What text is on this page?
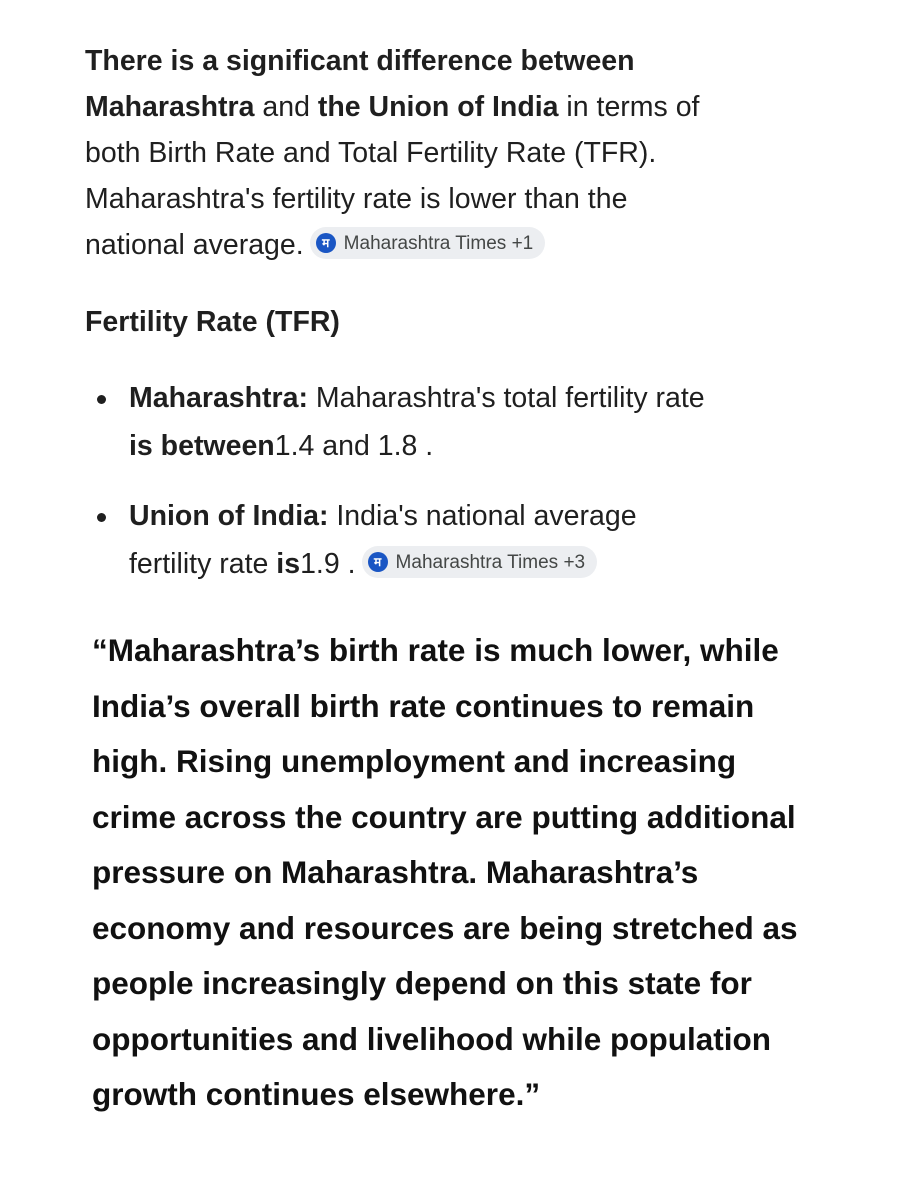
There is a significant difference between Maharashtra and the Union of India in terms of both Birth Rate and Total Fertility Rate (TFR). Maharashtra's fertility rate is lower than the national average.	म Maharashtra Times +1

Fertility Rate (TFR)
Maharashtra: Maharashtra's total fertility rate is between1.4 and 1.8 .
Union of India: India's national average fertility rate is1.9 .	म Maharashtra Times +3

“Maharashtra’s birth rate is much lower, while India’s overall birth rate continues to remain high. Rising unemployment and increasing crime across the country are putting additional pressure on Maharashtra. Maharashtra’s economy and resources are being stretched as people increasingly depend on this state for opportunities and livelihood while population growth continues elsewhere.”
